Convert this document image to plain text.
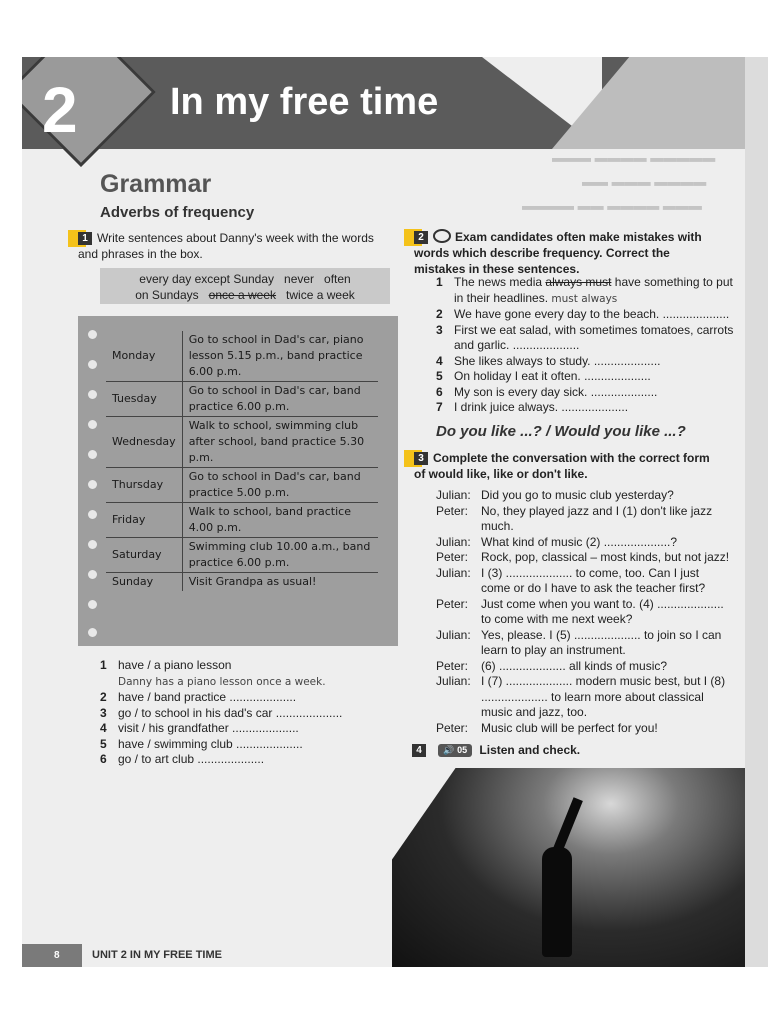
2 In my free time
▬▬▬ ▬▬▬▬ ▬▬▬▬▬
▬▬ ▬▬▬ ▬▬▬▬
▬▬▬▬ ▬▬ ▬▬▬▬ ▬▬▬
Grammar
Adverbs of frequency
1 Write sentences about Danny's week with the words and phrases in the box.
every day except Sunday   never   often
on Sundays once a week twice a week
Monday	Go to school in Dad's car, piano lesson 5.15 p.m., band practice 6.00 p.m.
Tuesday	Go to school in Dad's car, band practice 6.00 p.m.
Wednesday	Walk to school, swimming club after school, band practice 5.30 p.m.
Thursday	Go to school in Dad's car, band practice 5.00 p.m.
Friday	Walk to school, band practice 4.00 p.m.
Saturday	Swimming club 10.00 a.m., band practice 6.00 p.m.
Sunday	Visit Grandpa as usual!
1 have / a piano lesson
Danny has a piano lesson once a week.
2 have / band practice ....................
3 go / to school in his dad's car ....................
4 visit / his grandfather ....................
5 have / swimming club ....................
6 go / to art club ....................
2	Exam candidates often make mistakes with words which describe frequency. Correct the mistakes in these sentences.
1 The news media always must have something to put in their headlines. must always
2 We have gone every day to the beach. ....................
3 First we eat salad, with sometimes tomatoes, carrots and garlic. ....................
4 She likes always to study. ....................
5 On holiday I eat it often. ....................
6 My son is every day sick. ....................
7 I drink juice always. ....................
Do you like ...? / Would you like ...?
3 Complete the conversation with the correct form of would like, like or don't like.
Julian: Did you go to music club yesterday?
Peter: No, they played jazz and I (1) don't like jazz much.
Julian: What kind of music (2) ....................?
Peter: Rock, pop, classical – most kinds, but not jazz!
Julian: I (3) .................... to come, too. Can I just come or do I have to ask the teacher first?
Peter: Just come when you want to. (4) .................... to come with me next week?
Julian: Yes, please. I (5) .................... to join so I can learn to play an instrument.
Peter: (6) .................... all kinds of music?
Julian: I (7) .................... modern music best, but I (8) .................... to learn more about classical music and jazz, too.
Peter: Music club will be perfect for you!
4 🔊 05 Listen and check.
8	UNIT 2 IN MY FREE TIME
